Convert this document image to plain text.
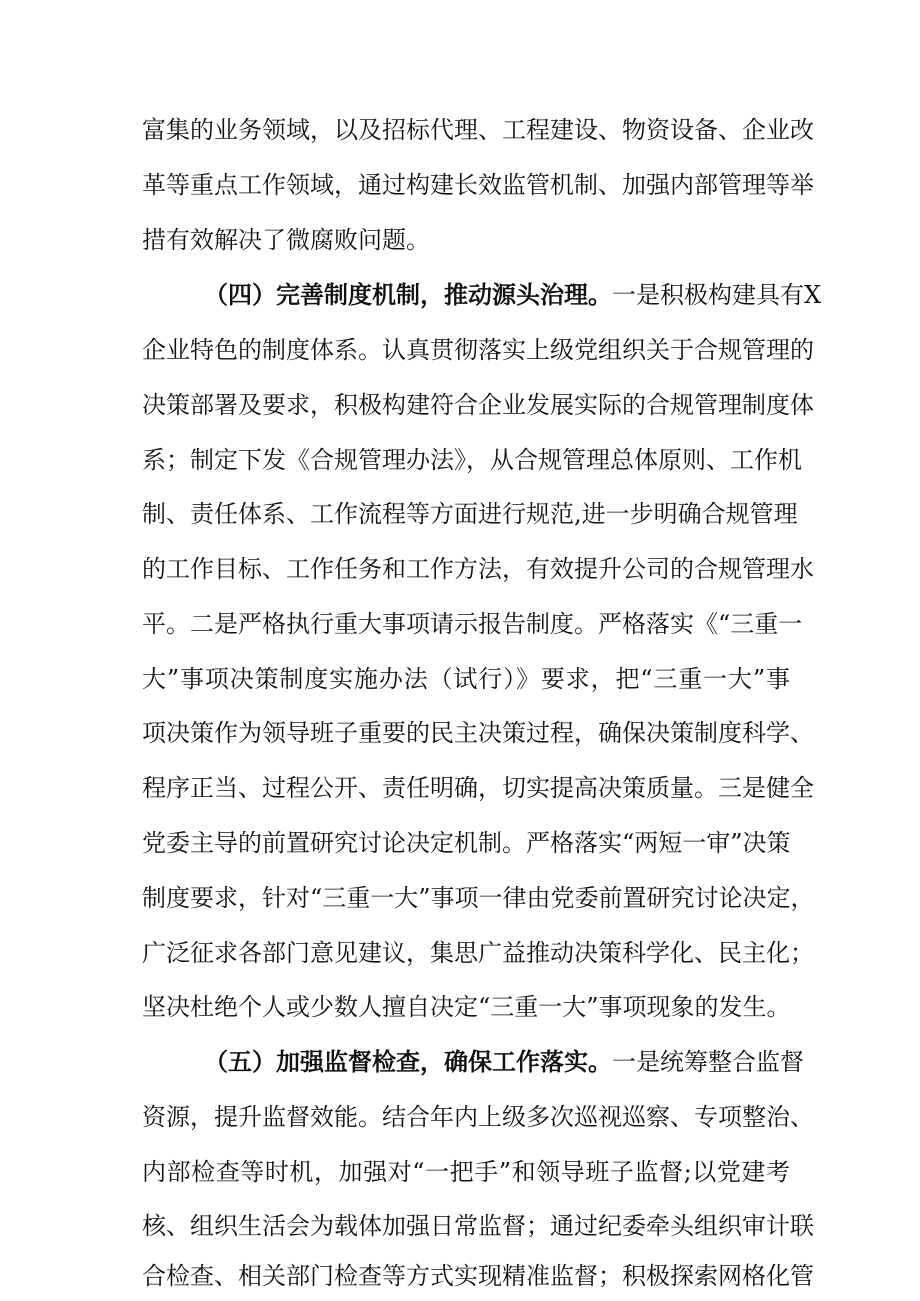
富集的业务领域，以及招标代理、工程建设、物资设备、企业改
革等重点工作领域，通过构建长效监管机制、加强内部管理等举
措有效解决了微腐败问题。
（四）完善制度机制，推动源头治理。一是积极构建具有X
企业特色的制度体系。认真贯彻落实上级党组织关于合规管理的
决策部署及要求，积极构建符合企业发展实际的合规管理制度体
系；制定下发《合规管理办法》，从合规管理总体原则、工作机
制、责任体系、工作流程等方面进行规范,进一步明确合规管理
的工作目标、工作任务和工作方法，有效提升公司的合规管理水
平。二是严格执行重大事项请示报告制度。严格落实《“三重一
大”事项决策制度实施办法（试行）》要求，把“三重一大”事
项决策作为领导班子重要的民主决策过程，确保决策制度科学、
程序正当、过程公开、责任明确，切实提高决策质量。三是健全
党委主导的前置研究讨论决定机制。严格落实“两短一审”决策
制度要求，针对“三重一大”事项一律由党委前置研究讨论决定，
广泛征求各部门意见建议，集思广益推动决策科学化、民主化；
坚决杜绝个人或少数人擅自决定“三重一大”事项现象的发生。
（五）加强监督检查，确保工作落实。一是统筹整合监督
资源，提升监督效能。结合年内上级多次巡视巡察、专项整治、
内部检查等时机，加强对“一把手”和领导班子监督;以党建考
核、组织生活会为载体加强日常监督；通过纪委牵头组织审计联
合检查、相关部门检查等方式实现精准监督；积极探索网格化管
